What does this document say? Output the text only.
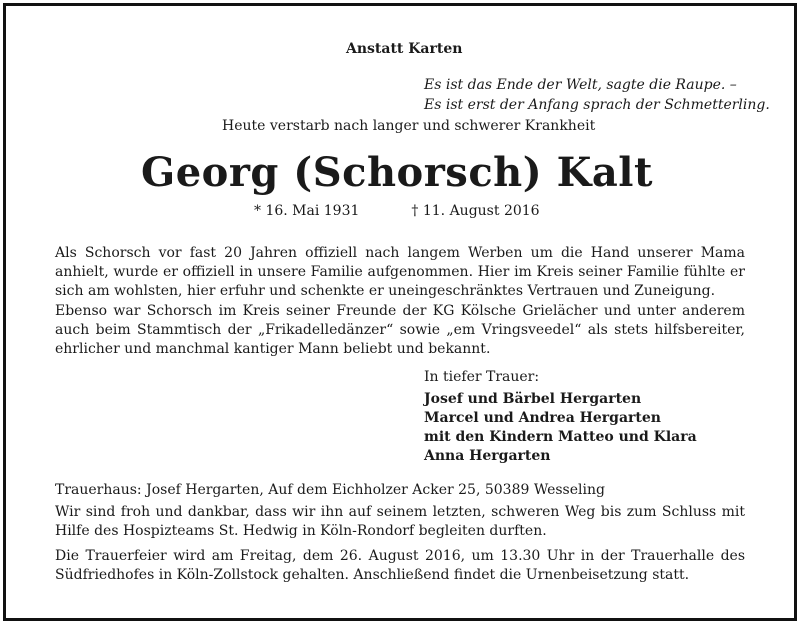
Anstatt Karten
Es ist das Ende der Welt, sagte die Raupe. –
Es ist erst der Anfang sprach der Schmetterling.
Heute verstarb nach langer und schwerer Krankheit
Georg (Schorsch) Kalt
* 16. Mai 1931	† 11. August 2016
Als Schorsch vor fast 20 Jahren offiziell nach langem Werben um die Hand unserer Mama anhielt, wurde er offiziell in unsere Familie aufgenommen. Hier im Kreis seiner Familie fühlte er sich am wohlsten, hier erfuhr und schenkte er uneingeschränktes Vertrauen und Zuneigung.
Ebenso war Schorsch im Kreis seiner Freunde der KG Kölsche Grielächer und unter anderem auch beim Stammtisch der „Frikadelledänzer“ sowie „em Vringsveedel“ als stets hilfsbereiter, ehrlicher und manchmal kantiger Mann beliebt und bekannt.
In tiefer Trauer:
Josef und Bärbel Hergarten
Marcel und Andrea Hergarten
mit den Kindern Matteo und Klara
Anna Hergarten
Trauerhaus: Josef Hergarten, Auf dem Eichholzer Acker 25, 50389 Wesseling
Wir sind froh und dankbar, dass wir ihn auf seinem letzten, schweren Weg bis zum Schluss mit Hilfe des Hospizteams St. Hedwig in Köln-Rondorf begleiten durften.
Die Trauerfeier wird am Freitag, dem 26. August 2016, um 13.30 Uhr in der Trauerhalle des Südfriedhofes in Köln-Zollstock gehalten. Anschließend findet die Urnenbeisetzung statt.
